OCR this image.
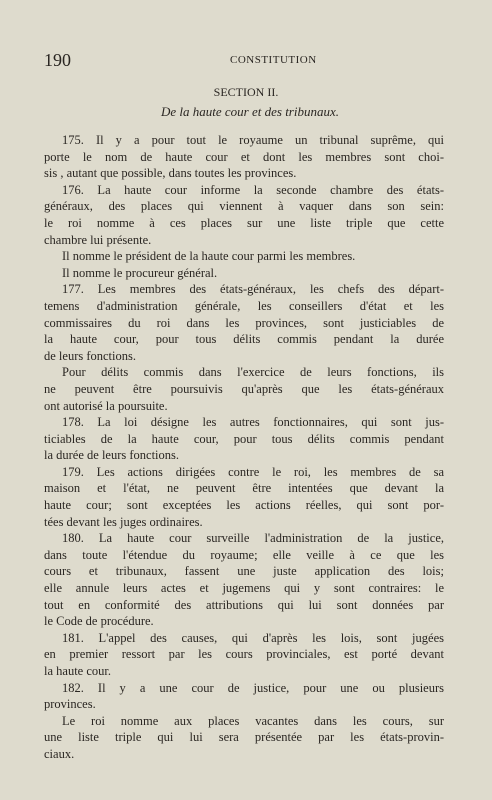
190	CONSTITUTION
SECTION II.
De la haute cour et des tribunaux.
175. Il y a pour tout le royaume un tribunal suprême, qui
porte le nom de haute cour et dont les membres sont choi-
sis , autant que possible, dans toutes les provinces.
176. La haute cour informe la seconde chambre des états-
généraux, des places qui viennent à vaquer dans son sein:
le roi nomme à ces places sur une liste triple que cette
chambre lui présente.
Il nomme le président de la haute cour parmi les membres.
Il nomme le procureur général.
177. Les membres des états-généraux, les chefs des départ-
temens d'administration générale, les conseillers d'état et les
commissaires du roi dans les provinces, sont justiciables de
la haute cour, pour tous délits commis pendant la durée
de leurs fonctions.
Pour délits commis dans l'exercice de leurs fonctions, ils
ne peuvent être poursuivis qu'après que les états-généraux
ont autorisé la poursuite.
178. La loi désigne les autres fonctionnaires, qui sont jus-
ticiables de la haute cour, pour tous délits commis pendant
la durée de leurs fonctions.
179. Les actions dirigées contre le roi, les membres de sa
maison et l'état, ne peuvent être intentées que devant la
haute cour; sont exceptées les actions réelles, qui sont por-
tées devant les juges ordinaires.
180. La haute cour surveille l'administration de la justice,
dans toute l'étendue du royaume; elle veille à ce que les
cours et tribunaux, fassent une juste application des lois;
elle annule leurs actes et jugemens qui y sont contraires: le
tout en conformité des attributions qui lui sont données par
le Code de procédure.
181. L'appel des causes, qui d'après les lois, sont jugées
en premier ressort par les cours provinciales, est porté devant
la haute cour.
182. Il y a une cour de justice, pour une ou plusieurs
provinces.
Le roi nomme aux places vacantes dans les cours, sur
une liste triple qui lui sera présentée par les états-provin-
ciaux.
